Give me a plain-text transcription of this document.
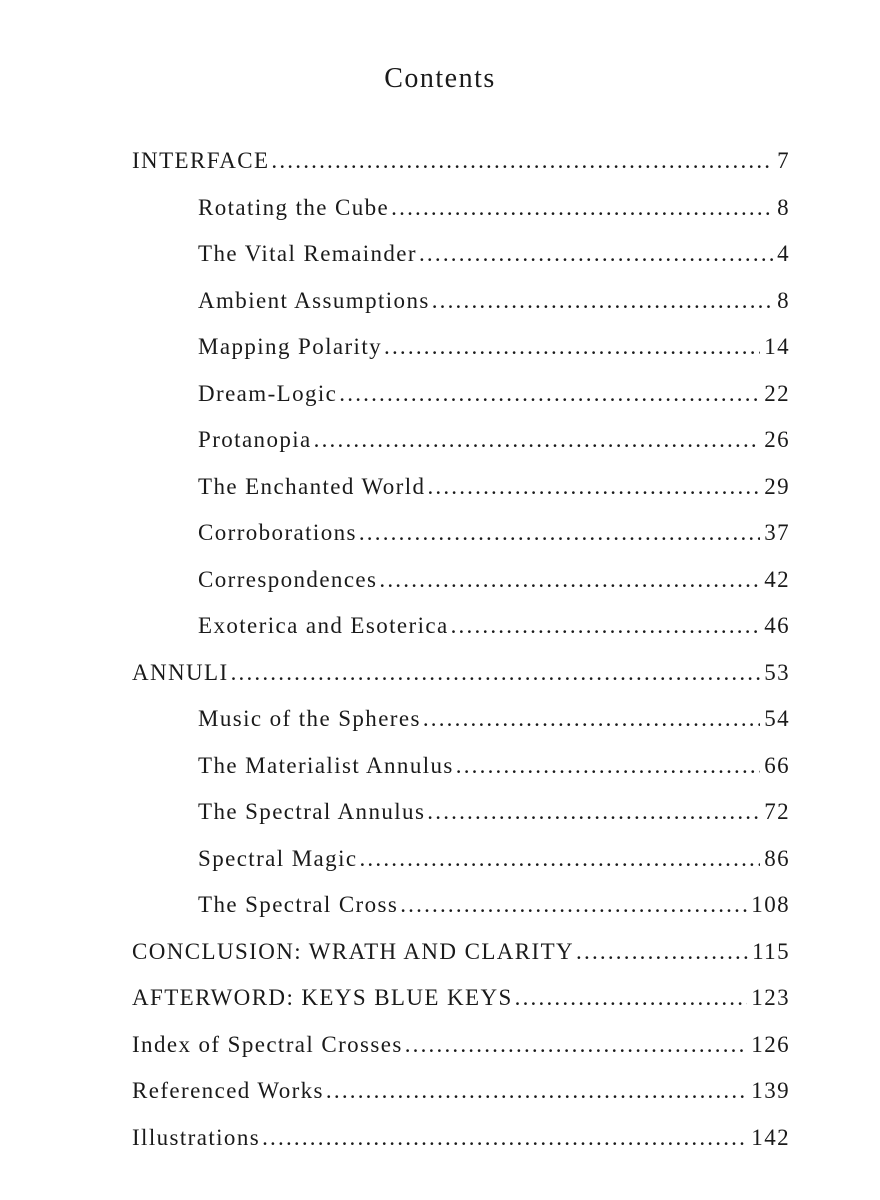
Contents
INTERFACE .....	7
Rotating the Cube .....	8
The Vital Remainder .....	4
Ambient Assumptions .....	8
Mapping Polarity .....	14
Dream-Logic .....	22
Protanopia .....	26
The Enchanted World .....	29
Corroborations .....	37
Correspondences .....	42
Exoterica and Esoterica .....	46
ANNULI .....	53
Music of the Spheres .....	54
The Materialist Annulus .....	66
The Spectral Annulus .....	72
Spectral Magic .....	86
The Spectral Cross .....	108
CONCLUSION: WRATH AND CLARITY .....	115
AFTERWORD: KEYS BLUE KEYS .....	123
Index of Spectral Crosses .....	126
Referenced Works .....	139
Illustrations .....	142
